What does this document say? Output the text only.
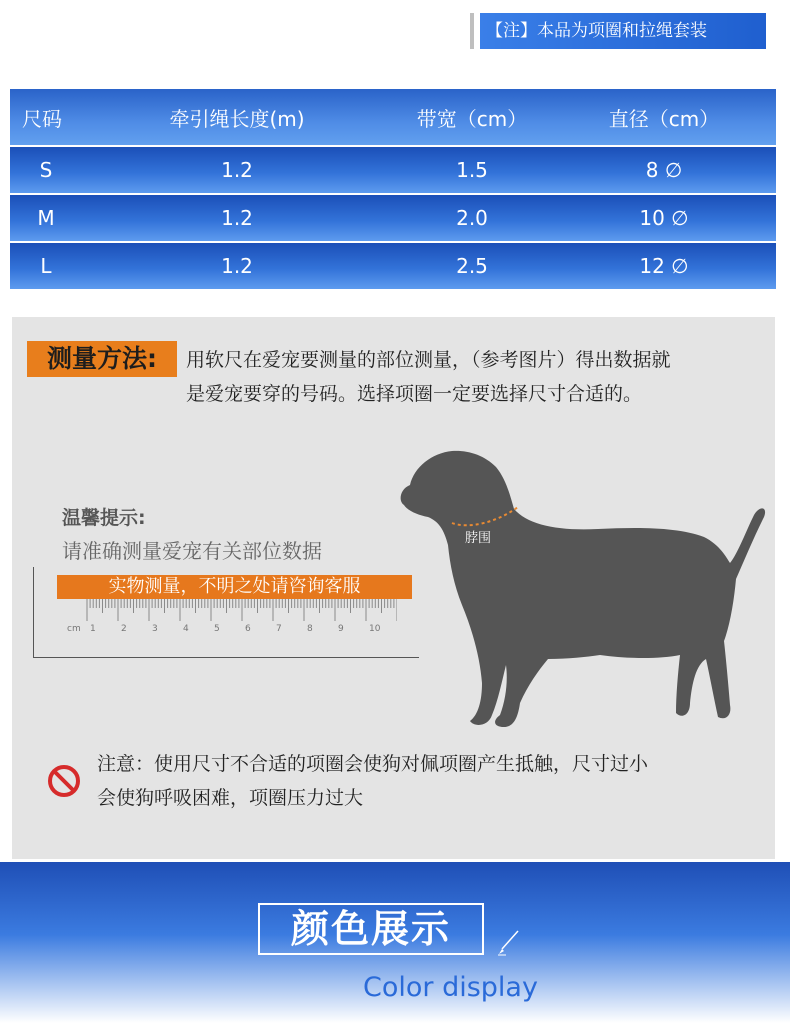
【注】本品为项圈和拉绳套装
尺码	牵引绳长度(m)	带宽（cm）	直径（cm）
S	1.2	1.5	8 ∅
M	1.2	2.0	10 ∅
L	1.2	2.5	12 ∅
测量方法:	用软尺在爱宠要测量的部位测量，（参考图片）得出数据就
是爱宠要穿的号码。选择项圈一定要选择尺寸合适的。
温馨提示:
请准确测量爱宠有关部位数据
实物测量，不明之处请咨询客服
cm 1	2	3	4	5	6	7	8	9	10
脖围
注意：使用尺寸不合适的项圈会使狗对佩项圈产生抵触，尺寸过小
会使狗呼吸困难，项圈压力过大
颜色展示
Color display
